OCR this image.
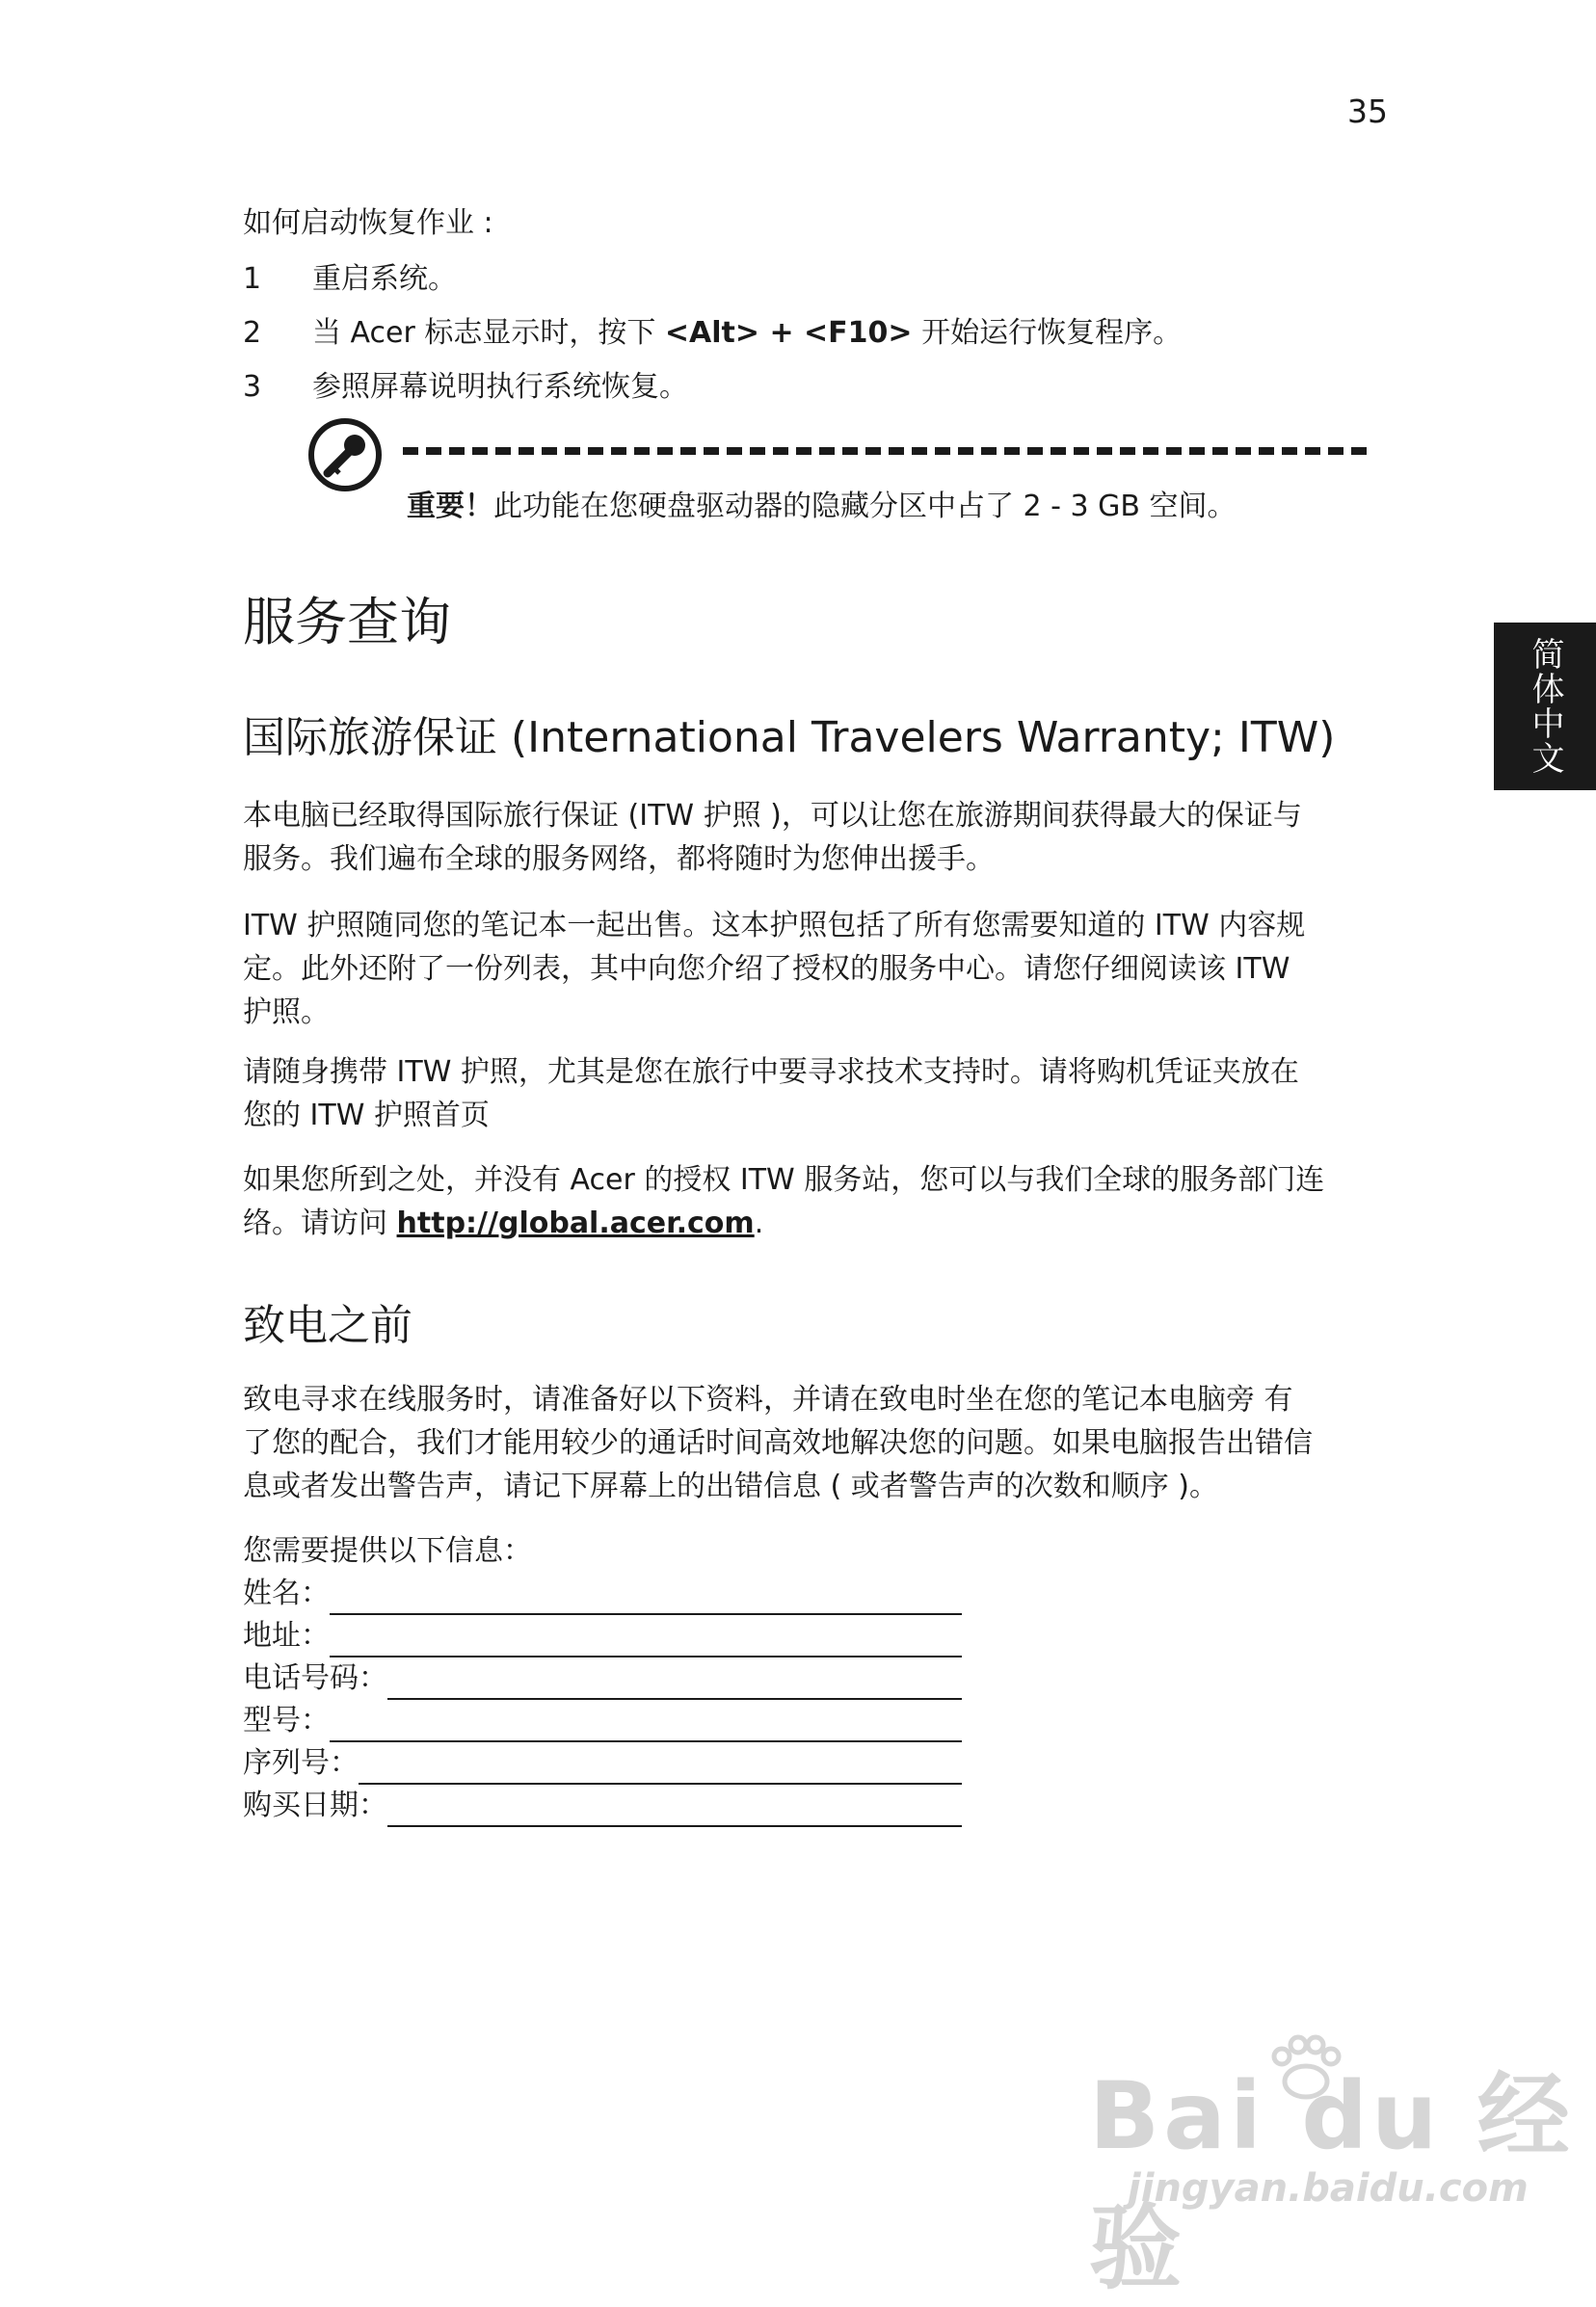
35
如何启动恢复作业 :
1 重启系统。
2 当 Acer 标志显示时，按下 <Alt> + <F10> 开始运行恢复程序。
3 参照屏幕说明执行系统恢复。
重要！此功能在您硬盘驱动器的隐藏分区中占了 2 - 3 GB 空间。
简体中文
服务查询
国际旅游保证 (International Travelers Warranty; ITW)
本电脑已经取得国际旅行保证 (ITW 护照 )，可以让您在旅游期间获得最大的保证与
服务。我们遍布全球的服务网络，都将随时为您伸出援手。
ITW 护照随同您的笔记本一起出售。这本护照包括了所有您需要知道的 ITW 内容规
定。此外还附了一份列表，其中向您介绍了授权的服务中心。请您仔细阅读该 ITW
护照。
请随身携带 ITW 护照，尤其是您在旅行中要寻求技术支持时。请将购机凭证夹放在
您的 ITW 护照首页
如果您所到之处，并没有 Acer 的授权 ITW 服务站，您可以与我们全球的服务部门连
络。请访问 http://global.acer.com.
致电之前
致电寻求在线服务时，请准备好以下资料，并请在致电时坐在您的笔记本电脑旁 有
了您的配合，我们才能用较少的通话时间高效地解决您的问题。如果电脑报告出错信
息或者发出警告声，请记下屏幕上的出错信息 ( 或者警告声的次数和顺序 )。
您需要提供以下信息：
姓名：
地址：
电话号码：
型号：
序列号：
购买日期：
Bai du 经验
jingyan.baidu.com
